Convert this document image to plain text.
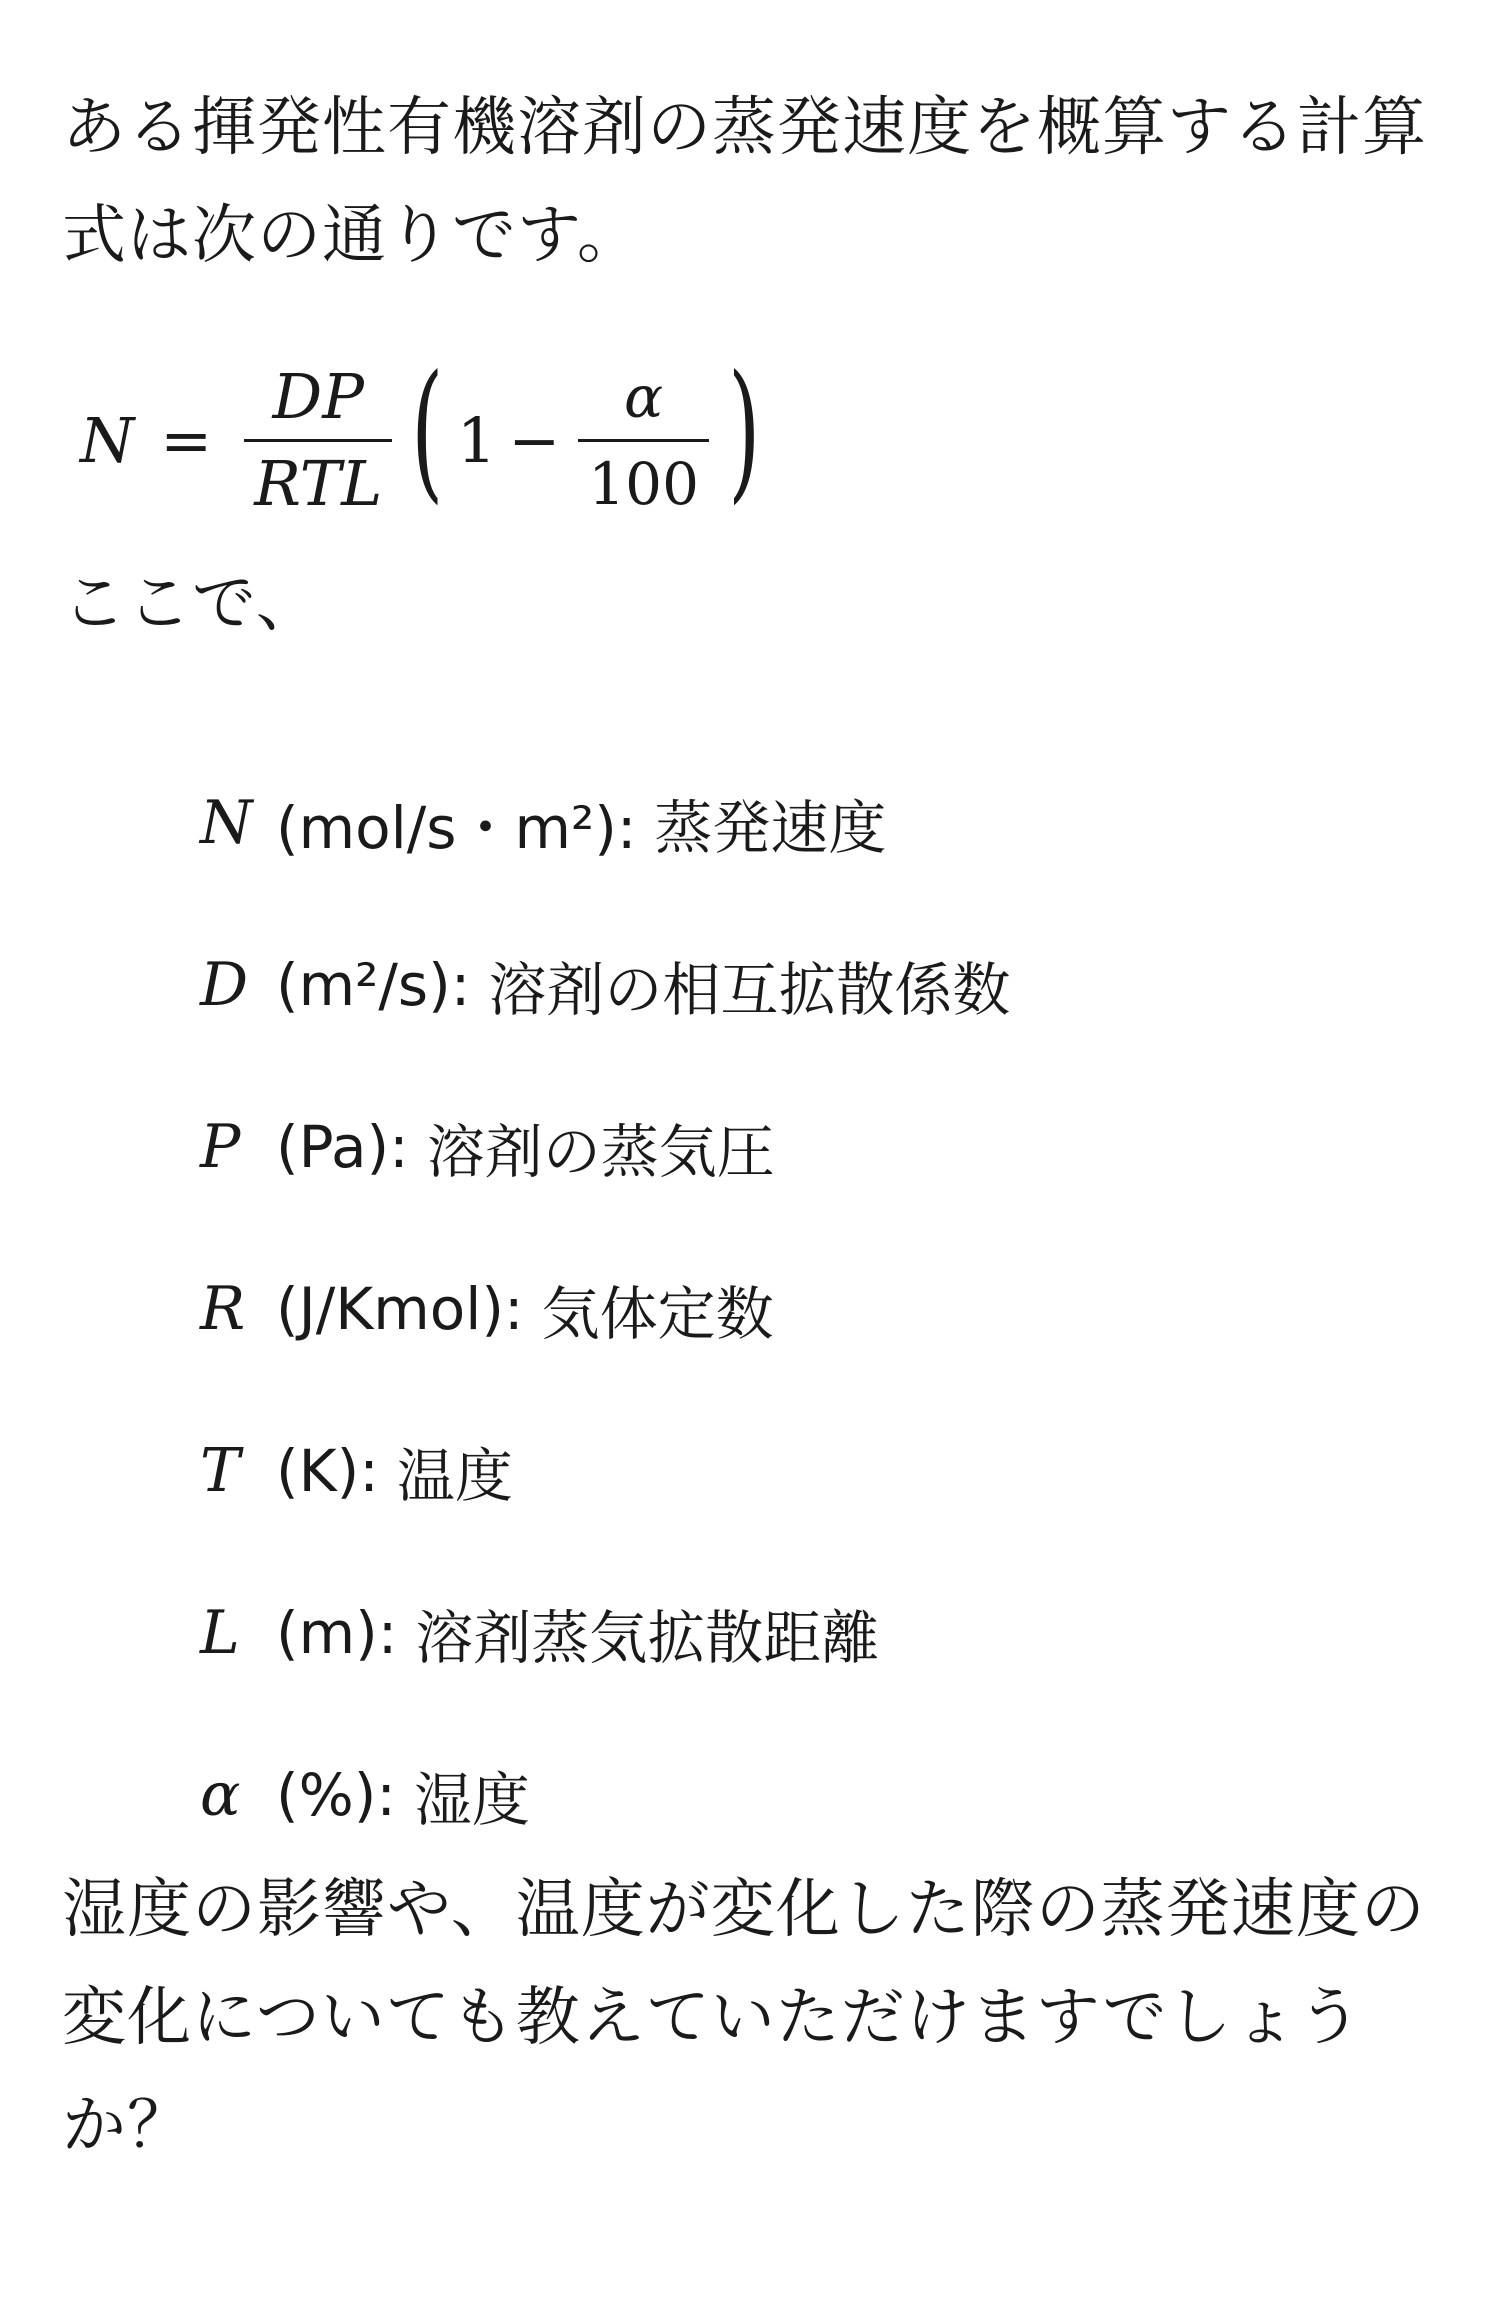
ある揮発性有機溶剤の蒸発速度を概算する計算式は次の通りです。
$N = \frac{DP}{\text{RTL}}$ ( $1 - \frac{\alpha}{100}$ )
ここで、
N (mol/s・m²): 蒸発速度
D (m²/s): 溶剤の相互拡散係数
P (Pa): 溶剤の蒸気圧
R (J/Kmol): 気体定数
T (K): 温度
L (m): 溶剤蒸気拡散距離
α (%): 湿度
湿度の影響や、温度が変化した際の蒸発速度の変化についても教えていただけますでしょうか？
